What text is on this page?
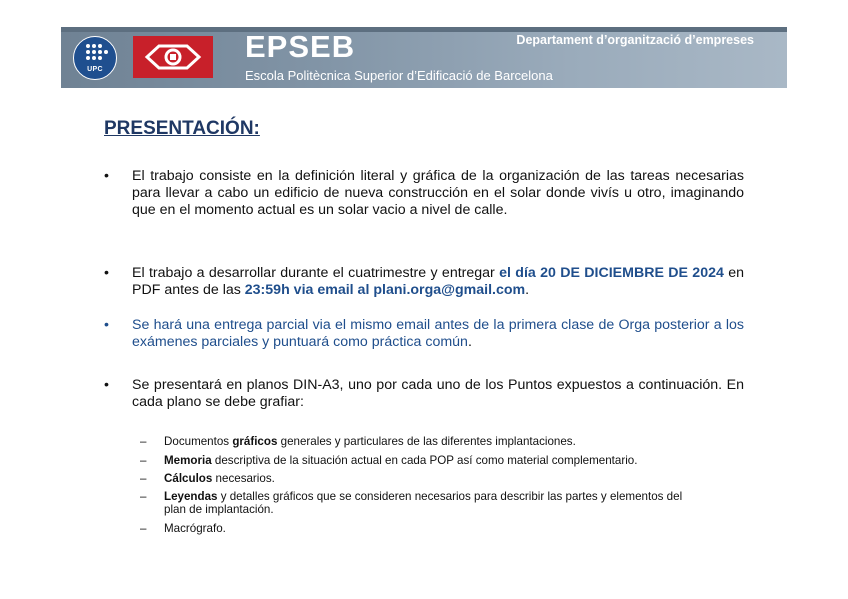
UPC
EPSEB
Escola Politècnica Superior d’Edificació de Barcelona
Departament d’organització d’empreses
PRESENTACIÓN:
•	El trabajo consiste en la definición literal y gráfica de la organización de las tareas necesarias para llevar a cabo un edificio de nueva construcción en el solar donde vivís u otro, imaginando que en el momento actual es un solar vacio a nivel de calle.
•	El trabajo a desarrollar durante el cuatrimestre y entregar el día 20 DE DICIEMBRE DE 2024 en PDF antes de las 23:59h via email al plani.orga@gmail.com.
•	Se hará una entrega parcial via el mismo email antes de la primera clase de Orga posterior a los exámenes parciales y puntuará como práctica común.
•	Se presentará en planos DIN-A3, uno por cada uno de los Puntos expuestos a continuación. En cada plano se debe grafiar:
– Documentos gráficos generales y particulares de las diferentes implantaciones.
– Memoria descriptiva de la situación actual en cada POP así como material complementario.
– Cálculos necesarios.
– Leyendas y detalles gráficos que se consideren necesarios para describir las partes y elementos del plan de implantación.
– Macrógrafo.
